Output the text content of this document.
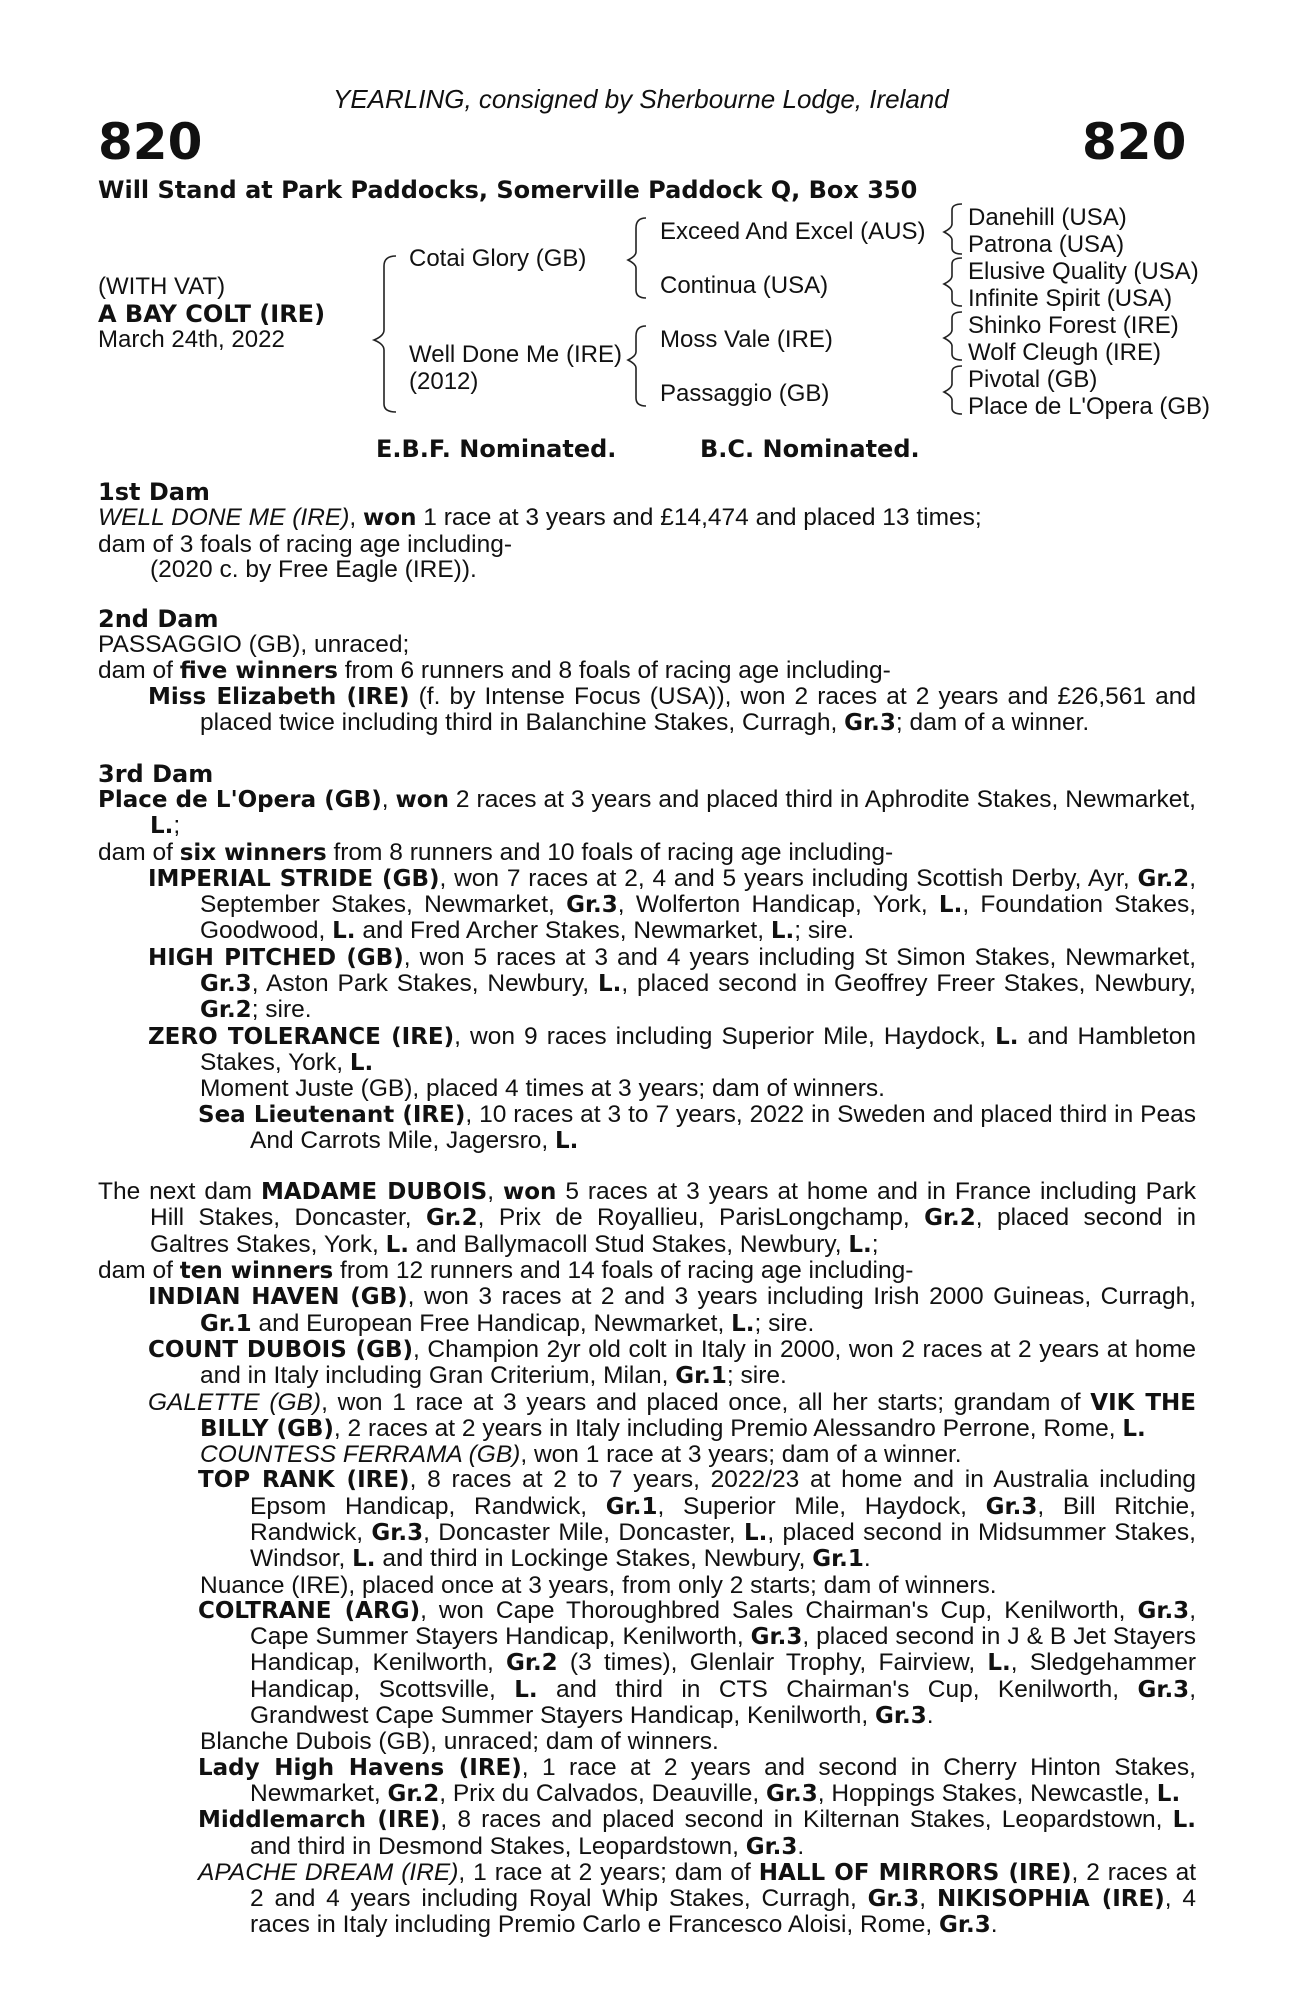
YEARLING, consigned by Sherbourne Lodge, Ireland
820	820
Will Stand at Park Paddocks, Somerville Paddock Q, Box 350
(WITH VAT)
A BAY COLT (IRE)
March 24th, 2022
Cotai Glory (GB)
Well Done Me (IRE)
(2012)
Exceed And Excel (AUS)
Continua (USA)
Moss Vale (IRE)
Passaggio (GB)
Danehill (USA)
Patrona (USA)
Elusive Quality (USA)
Infinite Spirit (USA)
Shinko Forest (IRE)
Wolf Cleugh (IRE)
Pivotal (GB)
Place de L'Opera (GB)
E.B.F. Nominated.	B.C. Nominated.
1st Dam
WELL DONE ME (IRE), won 1 race at 3 years and £14,474 and placed 13 times;
dam of 3 foals of racing age including-
(2020 c. by Free Eagle (IRE)).
2nd Dam
PASSAGGIO (GB), unraced;
dam of five winners from 6 runners and 8 foals of racing age including-
Miss Elizabeth (IRE) (f. by Intense Focus (USA)), won 2 races at 2 years and £26,561 and placed twice including third in Balanchine Stakes, Curragh, Gr.3; dam of a winner.
3rd Dam
Place de L'Opera (GB), won 2 races at 3 years and placed third in Aphrodite Stakes, Newmarket, L.;
dam of six winners from 8 runners and 10 foals of racing age including-
IMPERIAL STRIDE (GB), won 7 races at 2, 4 and 5 years including Scottish Derby, Ayr, Gr.2, September Stakes, Newmarket, Gr.3, Wolferton Handicap, York, L., Foundation Stakes, Goodwood, L. and Fred Archer Stakes, Newmarket, L.; sire.
HIGH PITCHED (GB), won 5 races at 3 and 4 years including St Simon Stakes, Newmarket, Gr.3, Aston Park Stakes, Newbury, L., placed second in Geoffrey Freer Stakes, Newbury, Gr.2; sire.
ZERO TOLERANCE (IRE), won 9 races including Superior Mile, Haydock, L. and Hambleton Stakes, York, L.
Moment Juste (GB), placed 4 times at 3 years; dam of winners.
Sea Lieutenant (IRE), 10 races at 3 to 7 years, 2022 in Sweden and placed third in Peas And Carrots Mile, Jagersro, L.
The next dam MADAME DUBOIS, won 5 races at 3 years at home and in France including Park Hill Stakes, Doncaster, Gr.2, Prix de Royallieu, ParisLongchamp, Gr.2, placed second in Galtres Stakes, York, L. and Ballymacoll Stud Stakes, Newbury, L.;
dam of ten winners from 12 runners and 14 foals of racing age including-
INDIAN HAVEN (GB), won 3 races at 2 and 3 years including Irish 2000 Guineas, Curragh, Gr.1 and European Free Handicap, Newmarket, L.; sire.
COUNT DUBOIS (GB), Champion 2yr old colt in Italy in 2000, won 2 races at 2 years at home and in Italy including Gran Criterium, Milan, Gr.1; sire.
GALETTE (GB), won 1 race at 3 years and placed once, all her starts; grandam of VIK THE BILLY (GB), 2 races at 2 years in Italy including Premio Alessandro Perrone, Rome, L.
COUNTESS FERRAMA (GB), won 1 race at 3 years; dam of a winner.
TOP RANK (IRE), 8 races at 2 to 7 years, 2022/23 at home and in Australia including Epsom Handicap, Randwick, Gr.1, Superior Mile, Haydock, Gr.3, Bill Ritchie, Randwick, Gr.3, Doncaster Mile, Doncaster, L., placed second in Midsummer Stakes, Windsor, L. and third in Lockinge Stakes, Newbury, Gr.1.
Nuance (IRE), placed once at 3 years, from only 2 starts; dam of winners.
COLTRANE (ARG), won Cape Thoroughbred Sales Chairman's Cup, Kenilworth, Gr.3, Cape Summer Stayers Handicap, Kenilworth, Gr.3, placed second in J & B Jet Stayers Handicap, Kenilworth, Gr.2 (3 times), Glenlair Trophy, Fairview, L., Sledgehammer Handicap, Scottsville, L. and third in CTS Chairman's Cup, Kenilworth, Gr.3, Grandwest Cape Summer Stayers Handicap, Kenilworth, Gr.3.
Blanche Dubois (GB), unraced; dam of winners.
Lady High Havens (IRE), 1 race at 2 years and second in Cherry Hinton Stakes, Newmarket, Gr.2, Prix du Calvados, Deauville, Gr.3, Hoppings Stakes, Newcastle, L.
Middlemarch (IRE), 8 races and placed second in Kilternan Stakes, Leopardstown, L. and third in Desmond Stakes, Leopardstown, Gr.3.
APACHE DREAM (IRE), 1 race at 2 years; dam of HALL OF MIRRORS (IRE), 2 races at 2 and 4 years including Royal Whip Stakes, Curragh, Gr.3, NIKISOPHIA (IRE), 4 races in Italy including Premio Carlo e Francesco Aloisi, Rome, Gr.3.
